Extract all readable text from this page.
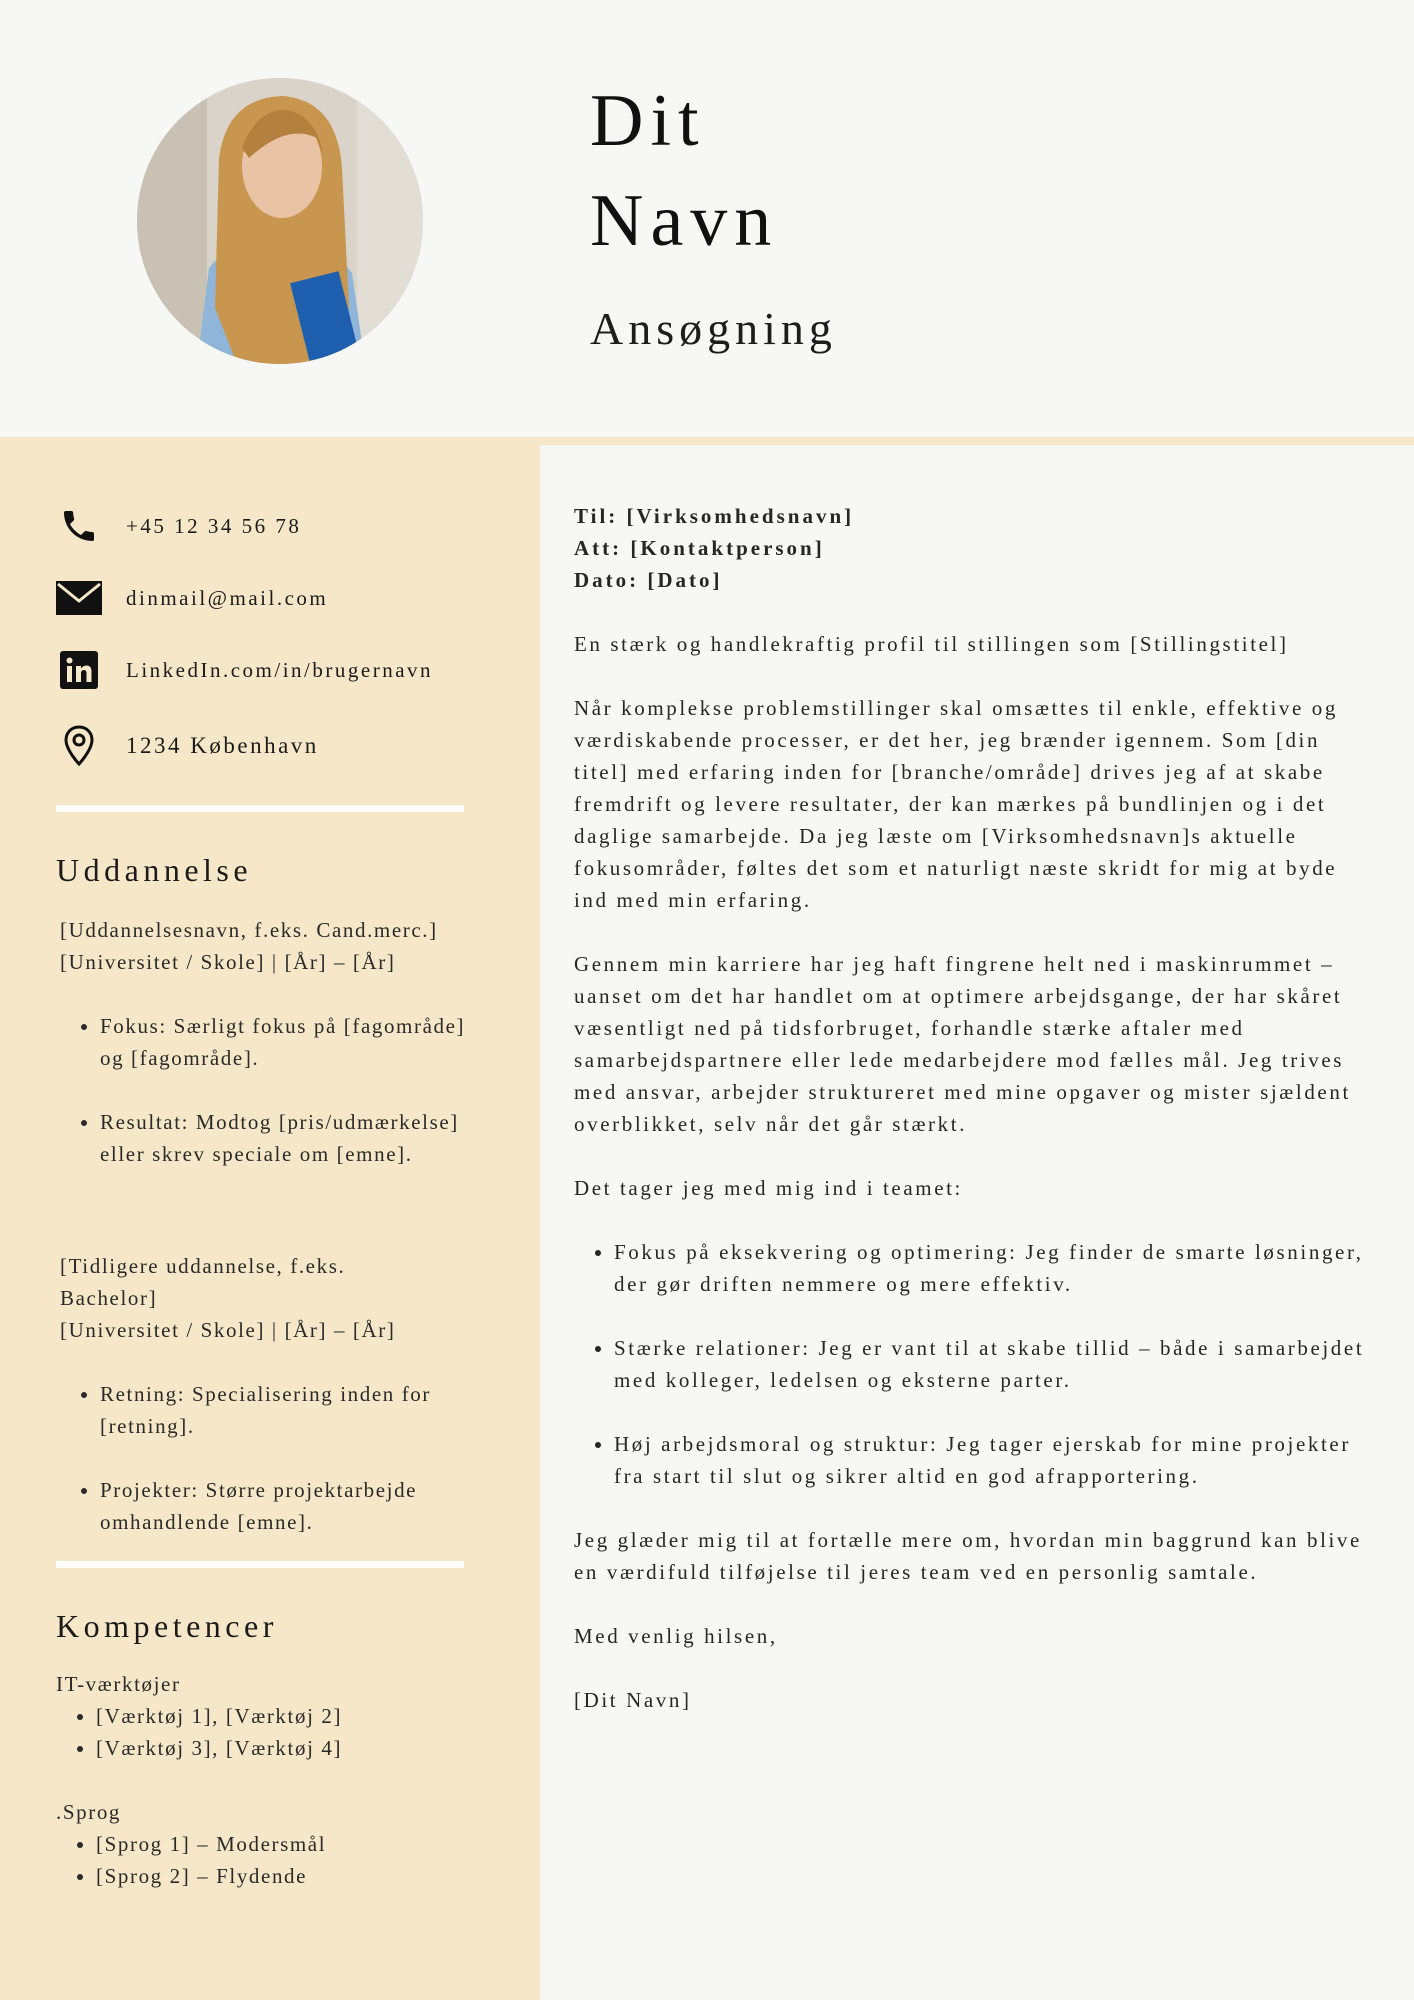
Dit
Navn
Ansøgning
+45 12 34 56 78
dinmail@mail.com
LinkedIn.com/in/brugernavn
1234 København
Uddannelse
[Uddannelsesnavn, f.eks. Cand.merc.]
[Universitet / Skole] | [År] – [År]
• Fokus: Særligt fokus på [fagområde] og [fagområde].
• Resultat: Modtog [pris/udmærkelse] eller skrev speciale om [emne].
[Tidligere uddannelse, f.eks.
Bachelor]
[Universitet / Skole] | [År] – [År]
• Retning: Specialisering inden for [retning].
• Projekter: Større projektarbejde omhandlende [emne].
Kompetencer
IT-værktøjer
• [Værktøj 1], [Værktøj 2]
• [Værktøj 3], [Værktøj 4]
.Sprog
• [Sprog 1] – Modersmål
• [Sprog 2] – Flydende
Til: [Virksomhedsnavn]
Att: [Kontaktperson]
Dato: [Dato]

En stærk og handlekraftig profil til stillingen som [Stillingstitel]

Når komplekse problemstillinger skal omsættes til enkle, effektive og værdiskabende processer, er det her, jeg brænder igennem. Som [din titel] med erfaring inden for [branche/område] drives jeg af at skabe fremdrift og levere resultater, der kan mærkes på bundlinjen og i det daglige samarbejde. Da jeg læste om [Virksomhedsnavn]s aktuelle fokusområder, føltes det som et naturligt næste skridt for mig at byde ind med min erfaring.

Gennem min karriere har jeg haft fingrene helt ned i maskinrummet – uanset om det har handlet om at optimere arbejdsgange, der har skåret væsentligt ned på tidsforbruget, forhandle stærke aftaler med samarbejdspartnere eller lede medarbejdere mod fælles mål. Jeg trives med ansvar, arbejder struktureret med mine opgaver og mister sjældent overblikket, selv når det går stærkt.

Det tager jeg med mig ind i teamet:

• Fokus på eksekvering og optimering: Jeg finder de smarte løsninger, der gør driften nemmere og mere effektiv.
• Stærke relationer: Jeg er vant til at skabe tillid – både i samarbejdet med kolleger, ledelsen og eksterne parter.
• Høj arbejdsmoral og struktur: Jeg tager ejerskab for mine projekter fra start til slut og sikrer altid en god afrapportering.

Jeg glæder mig til at fortælle mere om, hvordan min baggrund kan blive en værdifuld tilføjelse til jeres team ved en personlig samtale.

Med venlig hilsen,

[Dit Navn]
